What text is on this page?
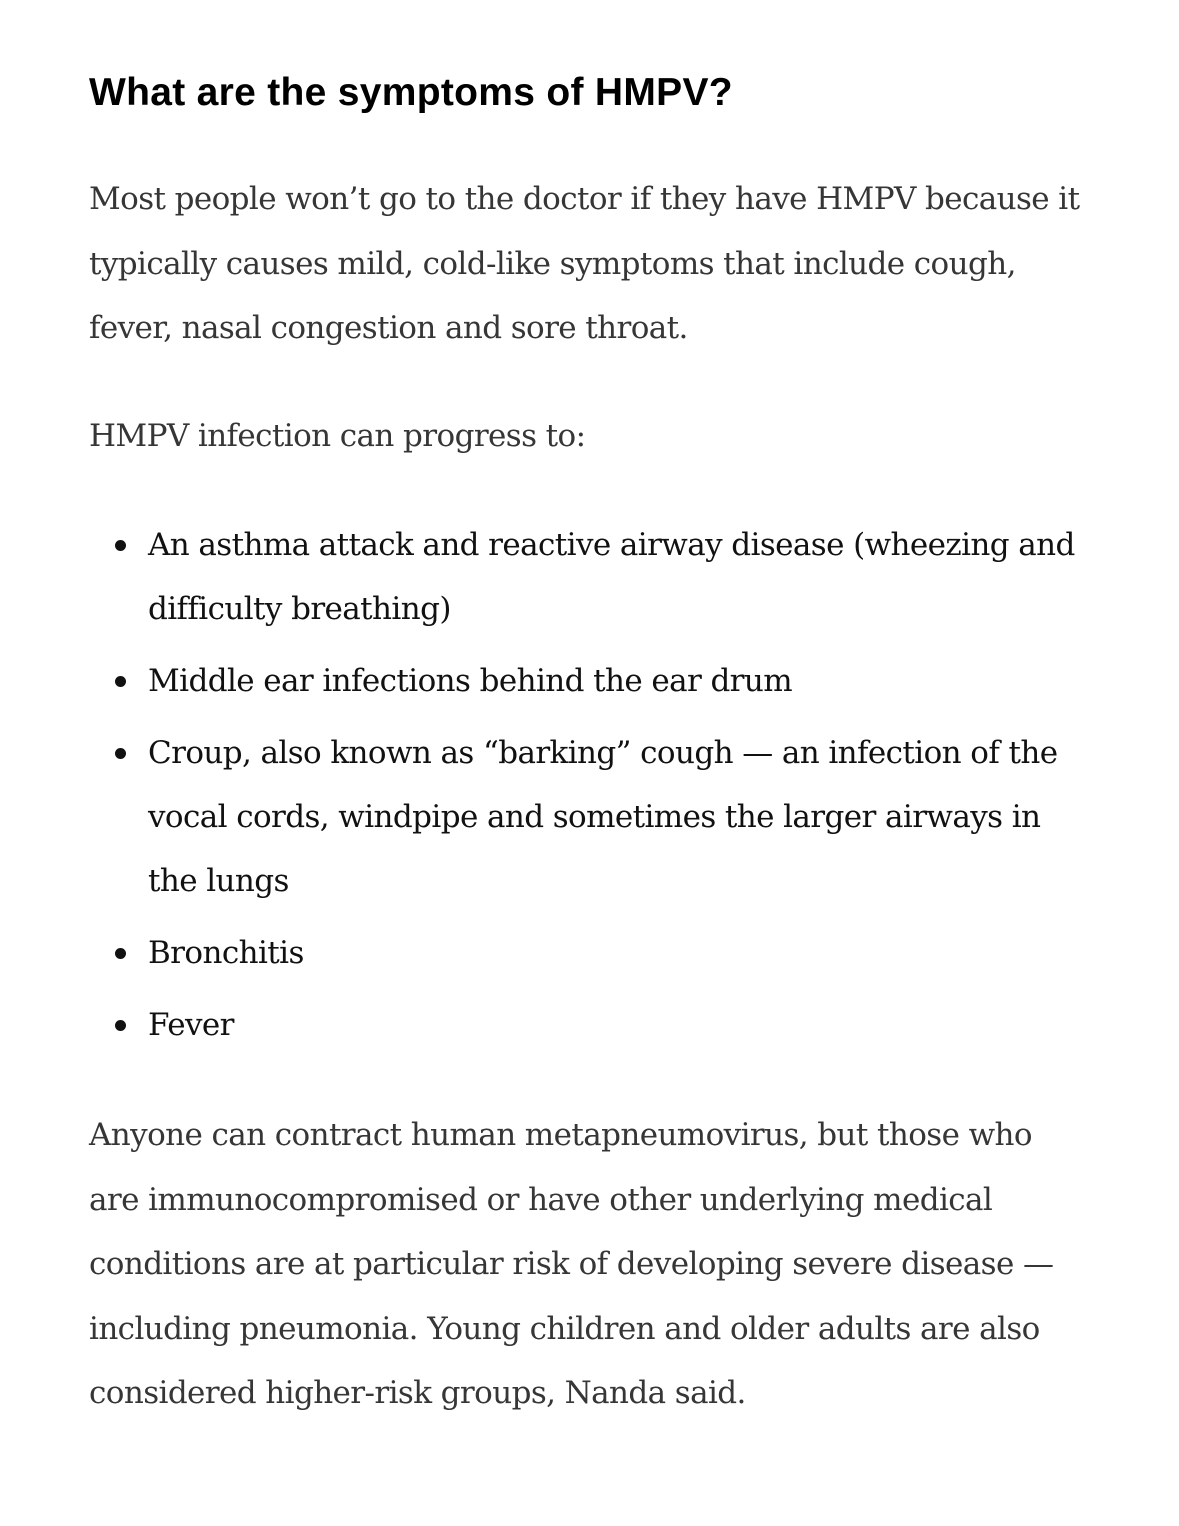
What are the symptoms of HMPV?

Most people won’t go to the doctor if they have HMPV because it typically causes mild, cold-like symptoms that include cough, fever, nasal congestion and sore throat.

HMPV infection can progress to:

An asthma attack and reactive airway disease (wheezing and difficulty breathing)
Middle ear infections behind the ear drum
Croup, also known as “barking” cough — an infection of the vocal cords, windpipe and sometimes the larger airways in the lungs
Bronchitis
Fever

Anyone can contract human metapneumovirus, but those who are immunocompromised or have other underlying medical conditions are at particular risk of developing severe disease — including pneumonia. Young children and older adults are also considered higher-risk groups, Nanda said.
